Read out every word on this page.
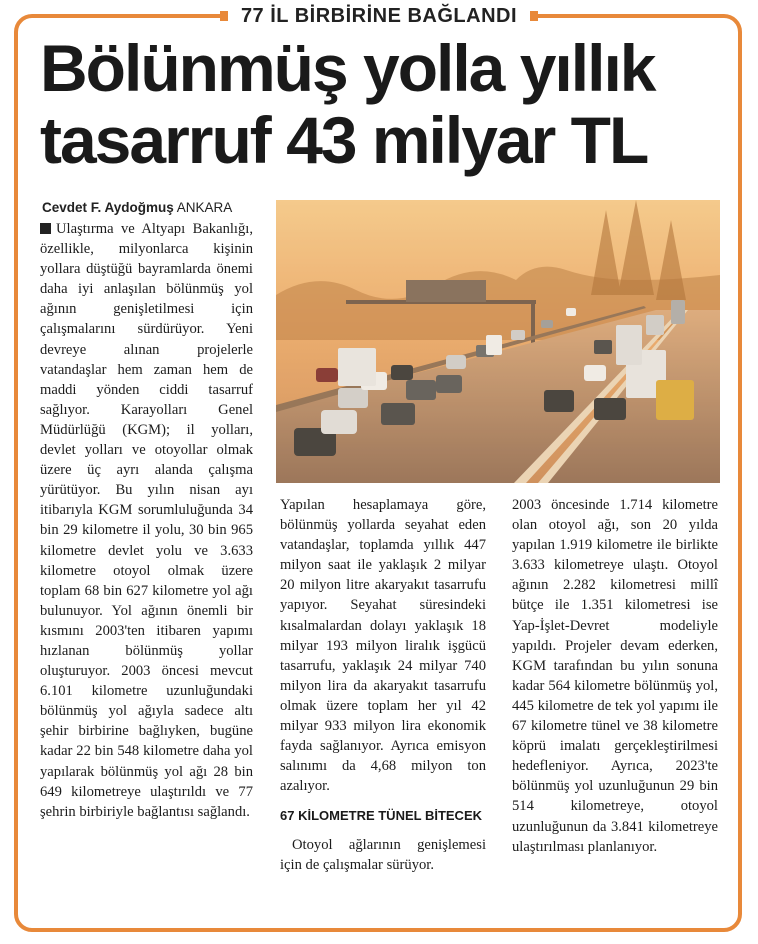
77 İL BİRBİRİNE BAĞLANDI
Bölünmüş yolla yıllık tasarruf 43 milyar TL
Cevdet F. Aydoğmuş ANKARA

Ulaştırma ve Altyapı Bakanlığı, özellikle, milyonlarca kişinin yollara düştüğü bayramlarda önemi daha iyi anlaşılan bölünmüş yol ağının genişletilmesi için çalışmalarını sürdürüyor. Yeni devreye alınan projelerle vatandaşlar hem zaman hem de maddi yönden ciddi tasarruf sağlıyor. Karayolları Genel Müdürlüğü (KGM); il yolları, devlet yolları ve otoyollar olmak üzere üç ayrı alanda çalışma yürütüyor. Bu yılın nisan ayı itibarıyla KGM sorumluluğunda 34 bin 29 kilometre il yolu, 30 bin 965 kilometre devlet yolu ve 3.633 kilometre otoyol olmak üzere toplam 68 bin 627 kilometre yol ağı bulunuyor. Yol ağının önemli bir kısmını 2003'ten itibaren yapımı hızlanan bölünmüş yollar oluşturuyor. 2003 öncesi mevcut 6.101 kilometre uzunluğundaki bölünmüş yol ağıyla sadece altı şehir birbirine bağlıyken, bugüne kadar 22 bin 548 kilometre daha yol yapılarak bölünmüş yol ağı 28 bin 649 kilometreye ulaştırıldı ve 77 şehrin birbiriyle bağlantısı sağlandı.

Yapılan hesaplamaya göre, bölünmüş yollarda seyahat eden vatandaşlar, toplamda yıllık 447 milyon saat ile yaklaşık 2 milyar 20 milyon litre akaryakıt tasarrufu yapıyor. Seyahat süresindeki kısalmalardan dolayı yaklaşık 18 milyar 193 milyon liralık işgücü tasarrufu, yaklaşık 24 milyar 740 milyon lira da akaryakıt tasarrufu olmak üzere toplam her yıl 42 milyar 933 milyon lira ekonomik fayda sağlanıyor. Ayrıca emisyon salınımı da 4,68 milyon ton azalıyor.

67 KİLOMETRE TÜNEL BİTECEK

Otoyol ağlarının genişlemesi için de çalışmalar sürüyor.

2003 öncesinde 1.714 kilometre olan otoyol ağı, son 20 yılda yapılan 1.919 kilometre ile birlikte 3.633 kilometreye ulaştı. Otoyol ağının 2.282 kilometresi millî bütçe ile 1.351 kilometresi ise Yap-İşlet-Devret modeliyle yapıldı. Projeler devam ederken, KGM tarafından bu yılın sonuna kadar 564 kilometre bölünmüş yol, 445 kilometre de tek yol yapımı ile 67 kilometre tünel ve 38 kilometre köprü imalatı gerçekleştirilmesi hedefleniyor. Ayrıca, 2023'te bölünmüş yol uzunluğunun 29 bin 514 kilometreye, otoyol uzunluğunun da 3.841 kilometreye ulaştırılması planlanıyor.
